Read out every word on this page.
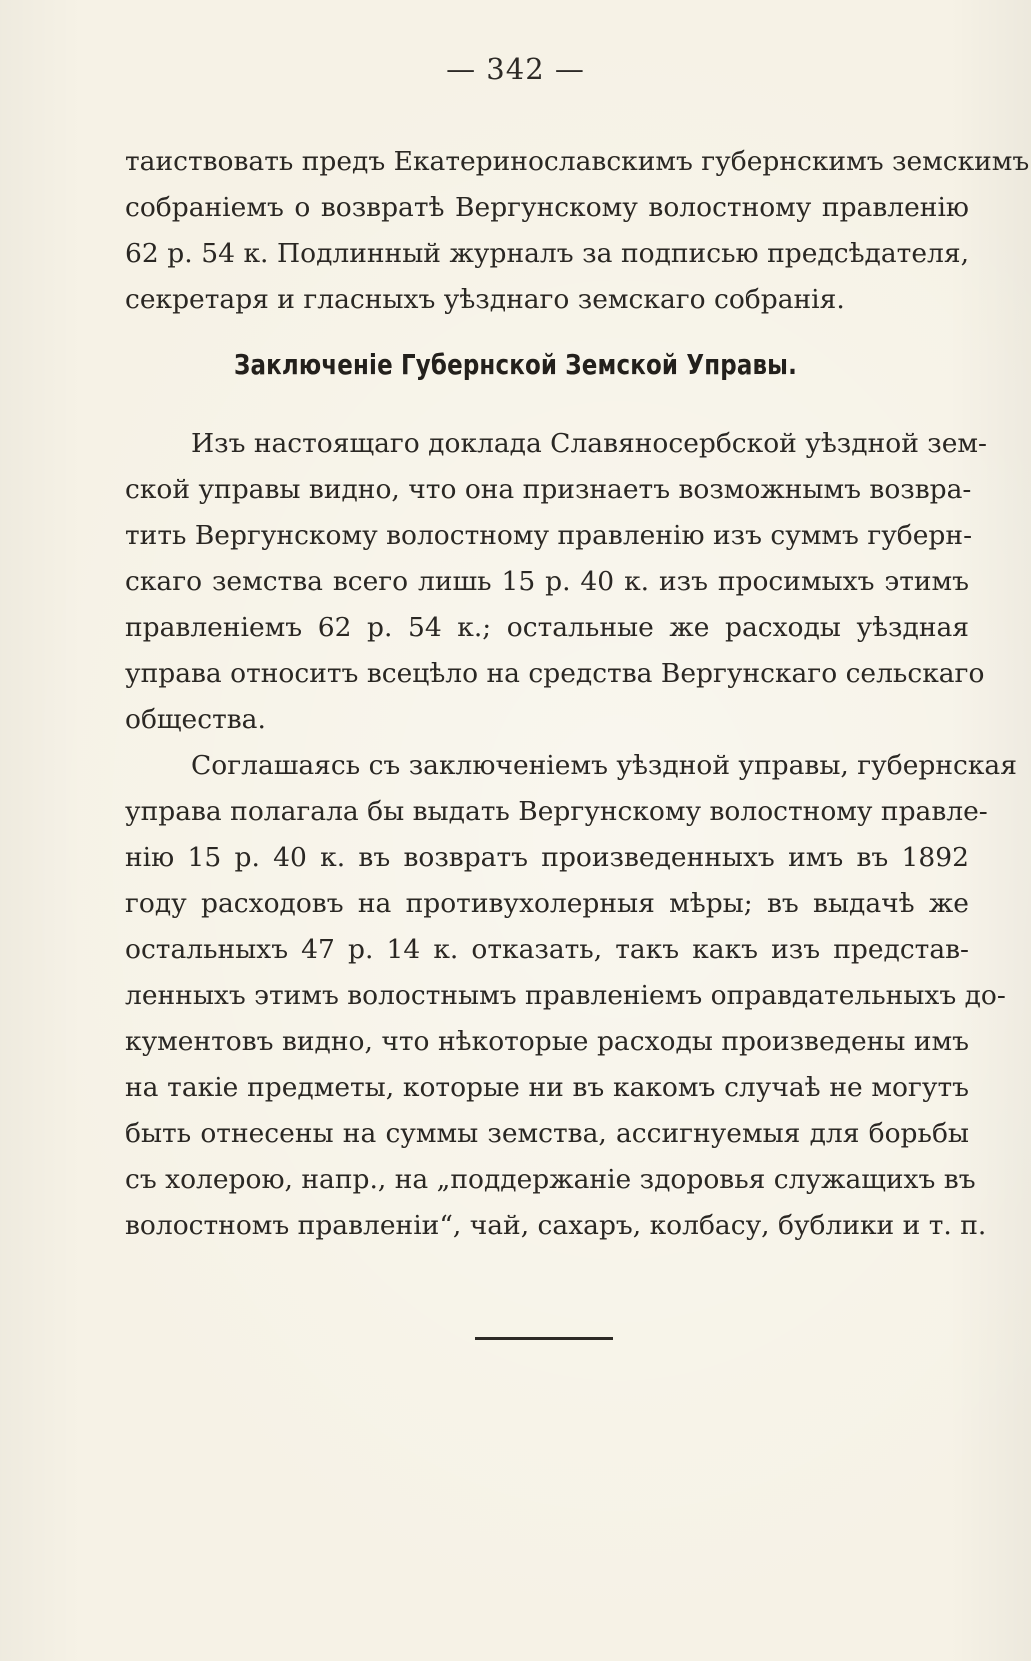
— 342 —
таиствовать предъ Екатеринославскимъ губернскимъ земскимъ
собраніемъ о возвратѣ Вергунскому волостному правленію
62 р. 54 к. Подлинный журналъ за подписью предсѣдателя,
секретаря и гласныхъ уѣзднаго земскаго собранія.
Заключеніе Губернской Земской Управы.
Изъ настоящаго доклада Славяносербской уѣздной зем-
ской управы видно, что она признаетъ возможнымъ возвра-
тить Вергунскому волостному правленію изъ суммъ губерн-
скаго земства всего лишь 15 р. 40 к. изъ просимыхъ этимъ
правленіемъ 62 р. 54 к.; остальные же расходы уѣздная
управа относитъ всецѣло на средства Вергунскаго сельскаго
общества.
Соглашаясь съ заключеніемъ уѣздной управы, губернская
управа полагала бы выдать Вергунскому волостному правле-
нію 15 р. 40 к. въ возвратъ произведенныхъ имъ въ 1892
году расходовъ на противухолерныя мѣры; въ выдачѣ же
остальныхъ 47 р. 14 к. отказать, такъ какъ изъ представ-
ленныхъ этимъ волостнымъ правленіемъ оправдательныхъ до-
кументовъ видно, что нѣкоторые расходы произведены имъ
на такіе предметы, которые ни въ какомъ случаѣ не могутъ
быть отнесены на суммы земства, ассигнуемыя для борьбы
съ холерою, напр., на „поддержаніе здоровья служащихъ въ
волостномъ правленіи“, чай, сахаръ, колбасу, бублики и т. п.
